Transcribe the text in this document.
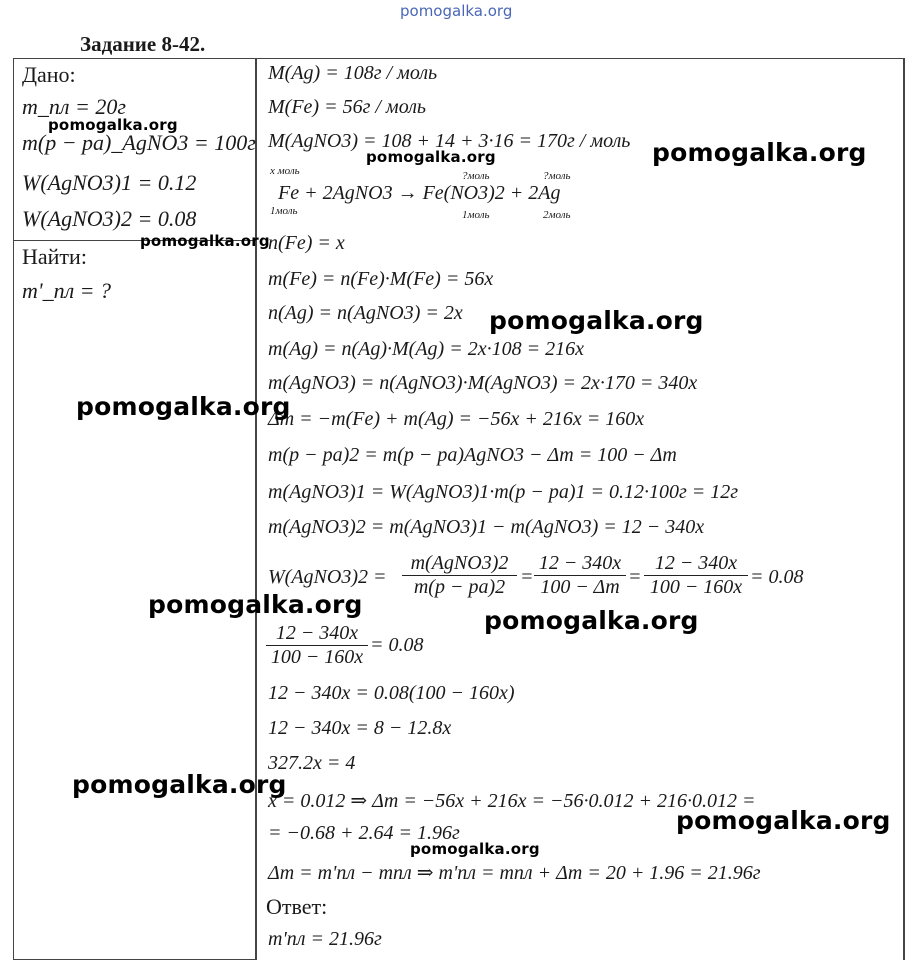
pomogalka.org
Задание 8-42.
Дано:
m_пл = 20г
m(p − pa)_AgNO3 = 100г
W(AgNO3)1 = 0.12
W(AgNO3)2 = 0.08
Найти:
m'_пл = ?
M(Ag) = 108г / моль
M(Fe) = 56г / моль
M(AgNO3) = 108 + 14 + 3·16 = 170г / моль
x моль	?моль	?моль
Fe + 2AgNO3 → Fe(NO3)2 + 2Ag
1моль	1моль	2моль
n(Fe) = x
m(Fe) = n(Fe)·M(Fe) = 56x
n(Ag) = n(AgNO3) = 2x
m(Ag) = n(Ag)·M(Ag) = 2x·108 = 216x
m(AgNO3) = n(AgNO3)·M(AgNO3) = 2x·170 = 340x
Δm = −m(Fe) + m(Ag) = −56x + 216x = 160x
m(p − pa)2 = m(p − pa)AgNO3 − Δm = 100 − Δm
m(AgNO3)1 = W(AgNO3)1·m(p − pa)1 = 0.12·100г = 12г
m(AgNO3)2 = m(AgNO3)1 − m(AgNO3) = 12 − 340x
W(AgNO3)2 =
m(AgNO3)2
$m(p - pa)2 = \frac{12 - 340x}{100 - \Delta m} = \frac{12 - 340x}{100 - 160x} = 0.08$
$\frac{12 - 340x}{100 - 160x} = 0.08$
12 − 340x = 0.08(100 − 160x)
12 − 340x = 8 − 12.8x
327.2x = 4
x = 0.012 ⇒ Δm = −56x + 216x = −56·0.012 + 216·0.012 =
= −0.68 + 2.64 = 1.96г
Δm = m'пл − mпл ⇒ m'пл = mпл + Δm = 20 + 1.96 = 21.96г
Ответ:
m'пл = 21.96г
pomogalka.org
pomogalka.org
pomogalka.org	pomogalka.org
pomogalka.org
pomogalka.org
pomogalka.org
pomogalka.org
pomogalka.org
pomogalka.org
pomogalka.org
